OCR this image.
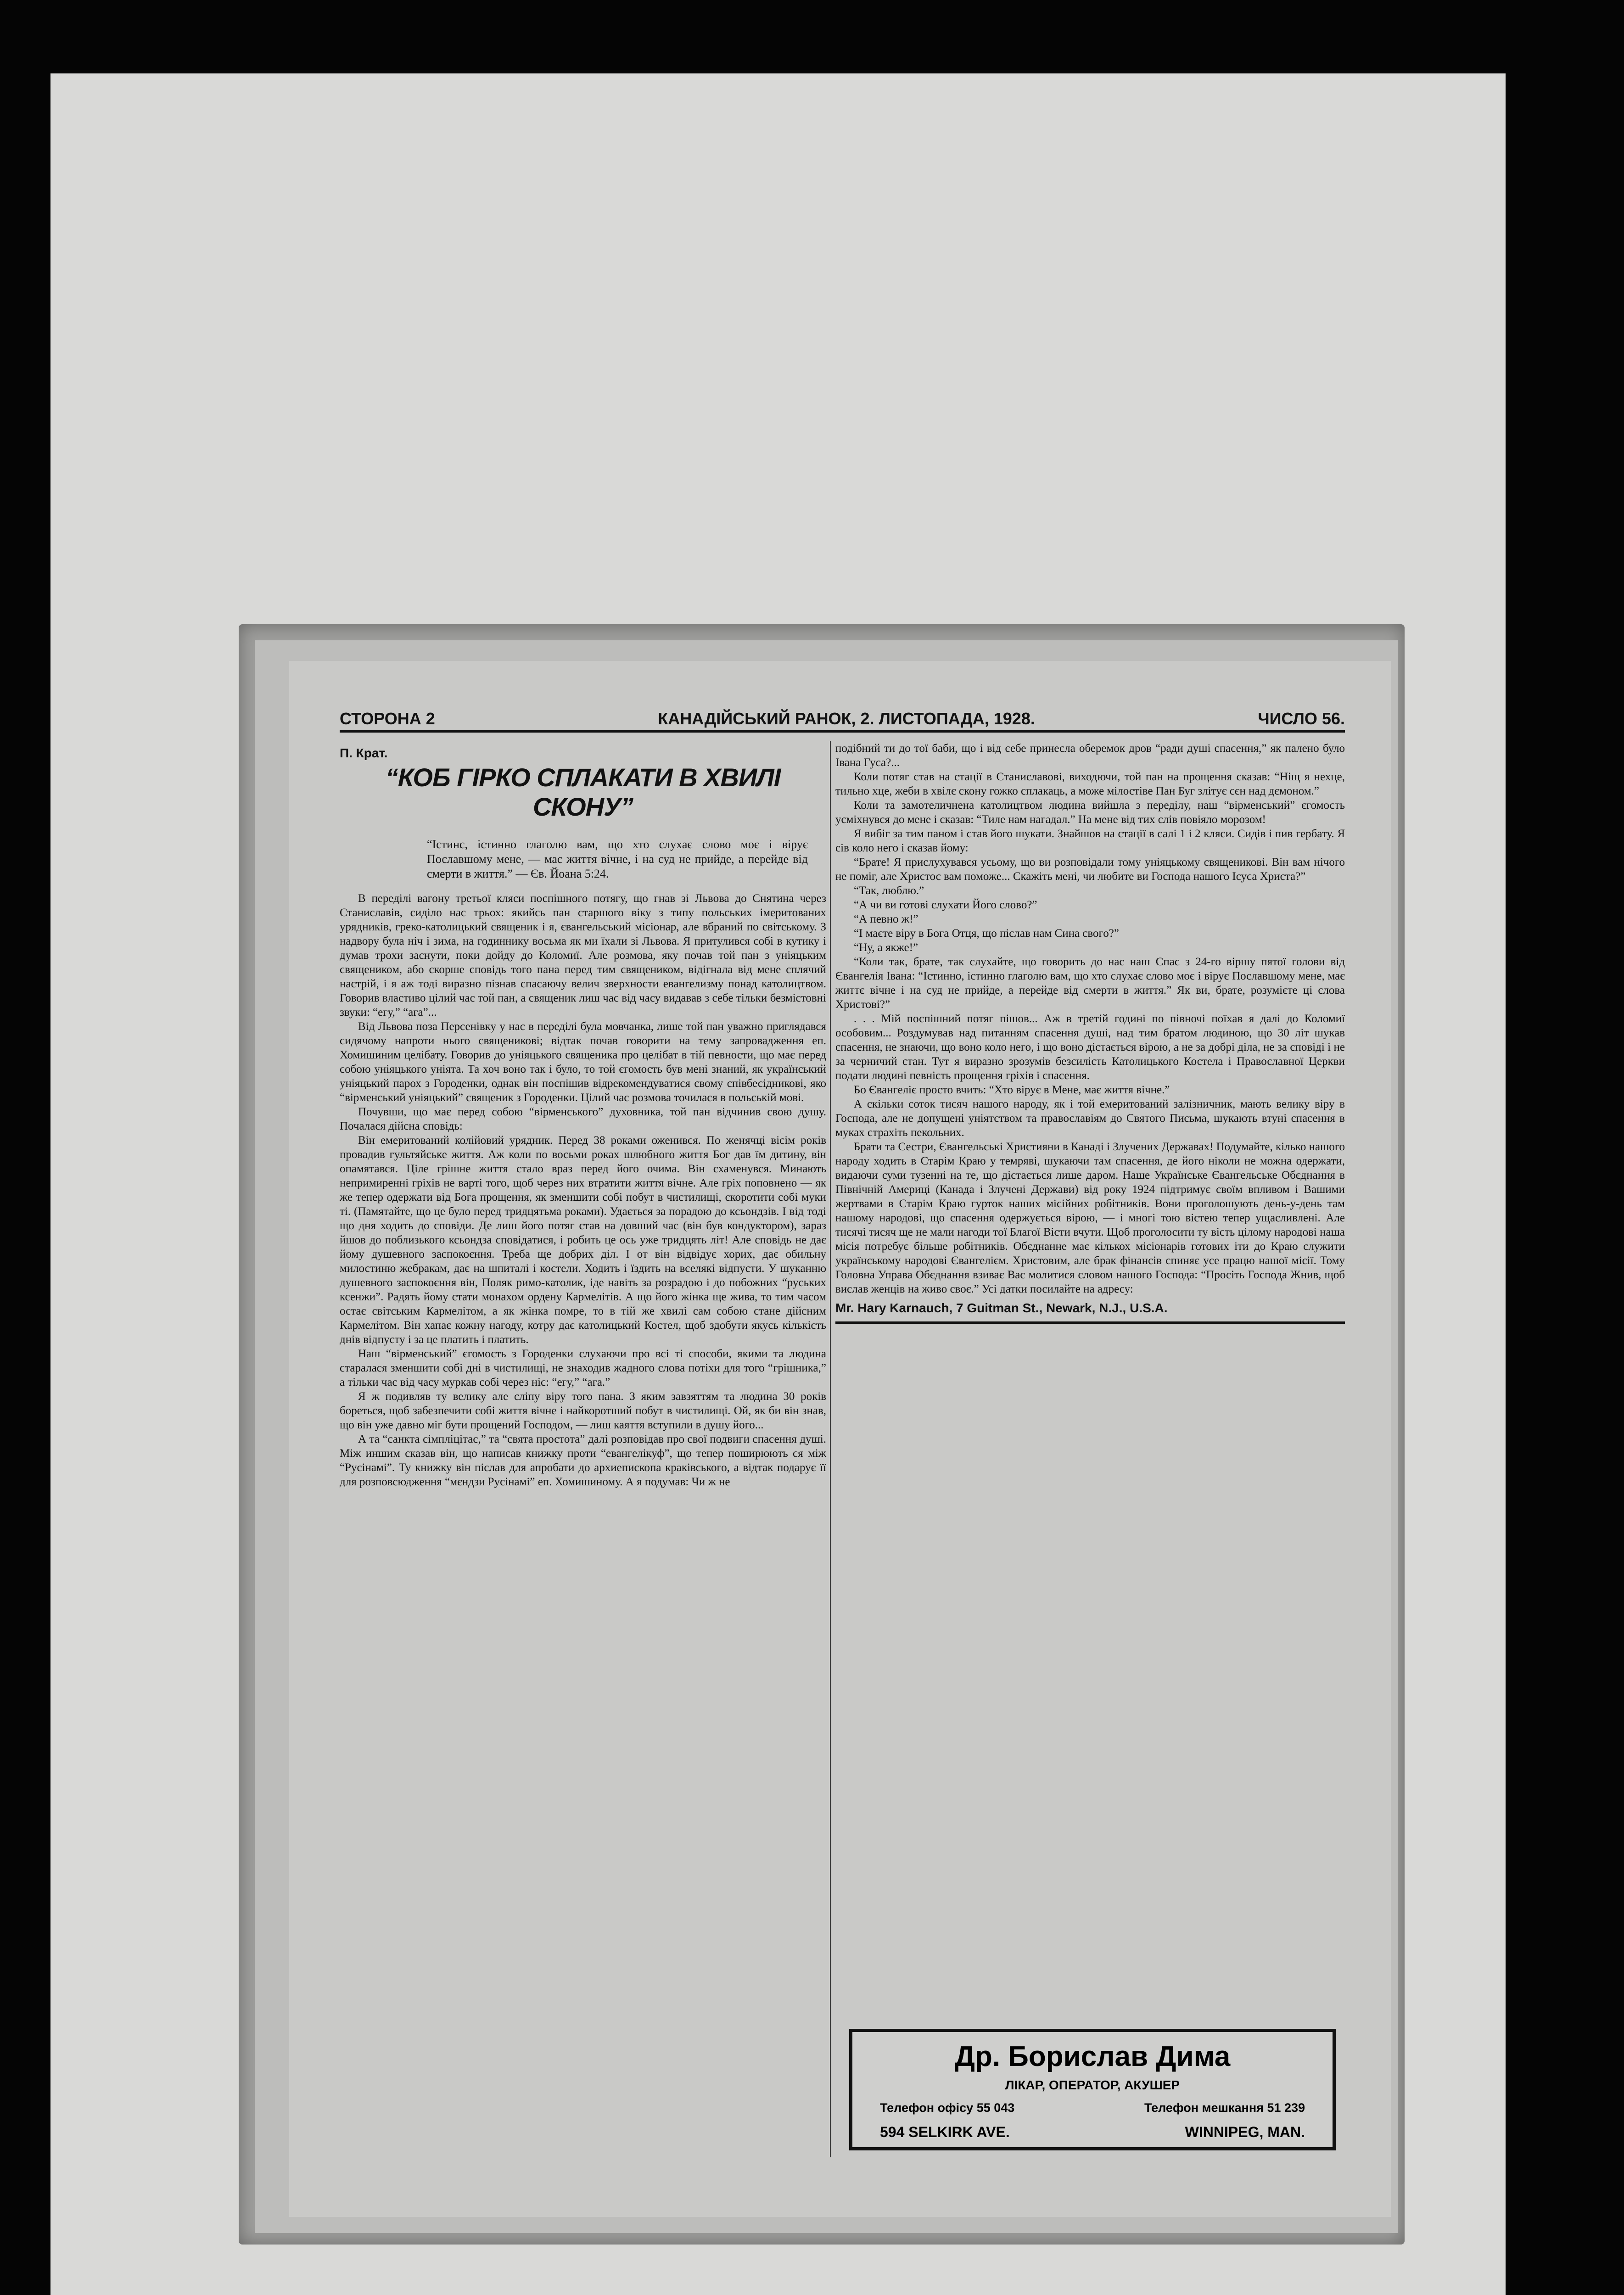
СТОРОНА 2	КАНАДІЙСЬКИЙ РАНОК, 2. ЛИСТОПАДА, 1928.	ЧИСЛО 56.
П. Крат.
“КОБ ГІРКО СПЛАКАТИ В ХВИЛІ СКОНУ”
“Істинс, істинно глаголю вам, що хто слухає слово моє і вірує Пославшому мене, — має життя вічне, і на суд не прийде, а перейде від смерти в життя.” — Єв. Йоана 5:24.

В переділі вагону третьої кляси поспішного потягу, що гнав зі Львова до Снятина через Станиславів, сиділо нас трьох: якийсь пан старшого віку з типу польських імеритованих урядників, греко-католицький священик і я, євангельський місіонар, але вбраний по світському. З надвору була ніч і зима, на годиннику восьма як ми їхали зі Львова. Я притулився собі в кутику і думав трохи заснути, поки дойду до Коломиї. Але розмова, яку почав той пан з уніяцьким священиком, або скорше сповідь того пана перед тим священиком, відігнала від мене сплячий настрій, і я аж тоді виразно пізнав спасаючу велич зверхности евангелизму понад католицтвом. Говорив властиво цілий час той пан, а священик лиш час від часу видавав з себе тільки безмістовні звуки: “егу,” “ага”...

Від Львова поза Персенівку у нас в переділі була мовчанка, лише той пан уважно приглядався сидячому напроти нього священикові; відтак почав говорити на тему запровадження еп. Хомишиним целібату. Говорив до уніяцького священика про целібат в тій певности, що має перед собою уніяцького уніята. Та хоч воно так і було, то той єгомость був мені знаний, як український уніяцький парох з Городенки, однак він поспішив відрекомендуватися свому співбесідникові, яко “вірменський уніяцький” священик з Городенки. Цілий час розмова точилася в польській мові.

Почувши, що має перед собою “вірменського” духовника, той пан відчинив свою душу. Почалася дійсна сповідь:

Він емеритований колійовий урядник. Перед 38 роками оженився. По женячці вісім років провадив гультяйське життя. Аж коли по восьми роках шлюбного життя Бог дав їм дитину, він опамятався. Ціле грішне життя стало враз перед його очима. Він схаменувся. Минають непримиренні гріхів не варті того, щоб через них втратити життя вічне. Але гріх поповнено — як же тепер одержати від Бога прощення, як зменшити собі побут в чистилищі, скоротити собі муки ті. (Памятайте, що це було перед тридцятьма роками). Удається за порадою до ксьондзів. І від тоді що дня ходить до сповіди. Де лиш його потяг став на довший час (він був кондуктором), зараз йшов до поблизького ксьондза сповідатися, і робить це ось уже тридцять літ! Але сповідь не дає йому душевного заспокоєння. Треба ще добрих діл. І от він відвідує хорих, дає обильну милостиню жебракам, дає на шпиталі і костели. Ходить і їздить на вселякі відпусти. У шуканню душевного заспокоєння він, Поляк римо-католик, іде навіть за розрадою і до побожних “руських ксенжи”. Радять йому стати монахом ордену Кармелітів. А що його жінка ще жива, то тим часом остає світським Кармелітом, а як жінка помре, то в тій же хвилі сам собою стане дійсним Кармелітом. Він хапає кожну нагоду, котру дає католицький Костел, щоб здобути якусь кількість днів відпусту і за це платить і платить.

Наш “вірменський” єгомость з Городенки слухаючи про всі ті способи, якими та людина старалася зменшити собі дні в чистилищі, не знаходив жадного слова потіхи для того “грішника,” а тільки час від часу муркав собі через ніс: “егу,” “ага.”

Я ж подивляв ту велику але сліпу віру того пана. З яким завзяттям та людина 30 років бореться, щоб забезпечити собі життя вічне і найкоротший побут в чистилищі. Ой, як би він знав, що він уже давно міг бути прощений Господом, — лиш каяття вступили в душу його...

А та “санкта сімпліцітас,” та “свята простота” далі розповідав про свої подвиги спасення душі. Між иншим сказав він, що написав книжку проти “евангелікуф”, що тепер поширюють ся між “Русінамі”. Ту книжку він післав для апробати до архиепископа краківського, а відтак подарує її для розповсюдження “мєндзи Русінамі” еп. Хомишиному. А я подумав: Чи ж не

подібний ти до тої баби, що і від себе принесла оберемок дров “ради душі спасення,” як палено було Івана Гуса?...

Коли потяг став на стації в Станиславові, виходючи, той пан на прощення сказав: “Ніщ я нехце, тильно хце, жеби в хвілє скону гожко сплакаць, а може мілостіве Пан Буг злітує сєн над дємоном.”

Коли та замотеличнена католицтвом людина вийшла з переділу, наш “вірменський” єгомость усміхнувся до мене і сказав: “Тиле нам нагадал.” На мене від тих слів повіяло морозом!

Я вибіг за тим паном і став його шукати. Знайшов на стації в салі 1 і 2 кляси. Сидів і пив гербату. Я сів коло него і сказав йому:

“Брате! Я прислухувався усьому, що ви розповідали тому уніяцькому священикові. Він вам нічого не поміг, але Христос вам поможе... Скажіть мені, чи любите ви Господа нашого Ісуса Христа?”

“Так, люблю.”

“А чи ви готові слухати Його слово?”

“А певно ж!”

“І маєте віру в Бога Отця, що післав нам Сина свого?”

“Ну, а якже!”

“Коли так, брате, так слухайте, що говорить до нас наш Спас з 24-го віршу пятої голови від Євангелія Івана: “Істинно, істинно глаголю вам, що хто слухає слово моє і вірує Пославшому мене, має життє вічне і на суд не прийде, а перейде від смерти в життя.” Як ви, брате, розумієте ці слова Христові?”

. . . Мій поспішний потяг пішов... Аж в третій годині по півночі поїхав я далі до Коломиї особовим... Роздумував над питанням спасення душі, над тим братом людиною, що 30 літ шукав спасення, не знаючи, що воно коло него, і що воно дістається вірою, а не за добрі діла, не за сповіді і не за черничий стан. Тут я виразно зрозумів безсилість Католицького Костела і Православної Церкви подати людині певність прощення гріхів і спасення.

Бо Євангеліє просто вчить: “Хто вірує в Мене, має життя вічне.”

А скільки соток тисяч нашого народу, як і той емеритований залізничник, мають велику віру в Господа, але не допущені уніятством та православіям до Святого Письма, шукають втуні спасення в муках страхіть пекольних.

Брати та Сестри, Євангельські Християни в Канаді і Злучених Державах! Подумайте, кілько нашого народу ходить в Старім Краю у темряві, шукаючи там спасення, де його ніколи не можна одержати, видаючи суми тузенні на те, що дістається лише даром. Наше Українське Євангельське Обєднання в Північній Америці (Канада і Злучені Держави) від року 1924 підтримує своїм впливом і Вашими жертвами в Старім Краю гурток наших місійних робітників. Вони проголошують день-у-день там нашому народові, що спасення одержується вірою, — і многі тою вістею тепер ущасливлені. Але тисячі тисяч ще не мали нагоди тої Благої Вісти вчути. Щоб проголосити ту вість цілому народові наша місія потребує більше робітників. Обєднанне має кількох місіонарів готових іти до Краю служити українському народові Євангелієм. Христовим, але брак фінансів спиняє усе працю нашої місії. Тому Головна Управа Обєднання взиває Вас молитися словом нашого Господа: “Просіть Господа Жнив, щоб вислав женців на живо своє.” Усі датки посилайте на адресу:

Mr. Hary Karnauch, 7 Guitman St., Newark, N.J., U.S.A.

Др. Борислав Дима
ЛІКАР, ОПЕРАТОР, АКУШЕР
Телефон офісу 55 043	Телефон мешкання 51 239
594 SELKIRK AVE.	WINNIPEG, MAN.
